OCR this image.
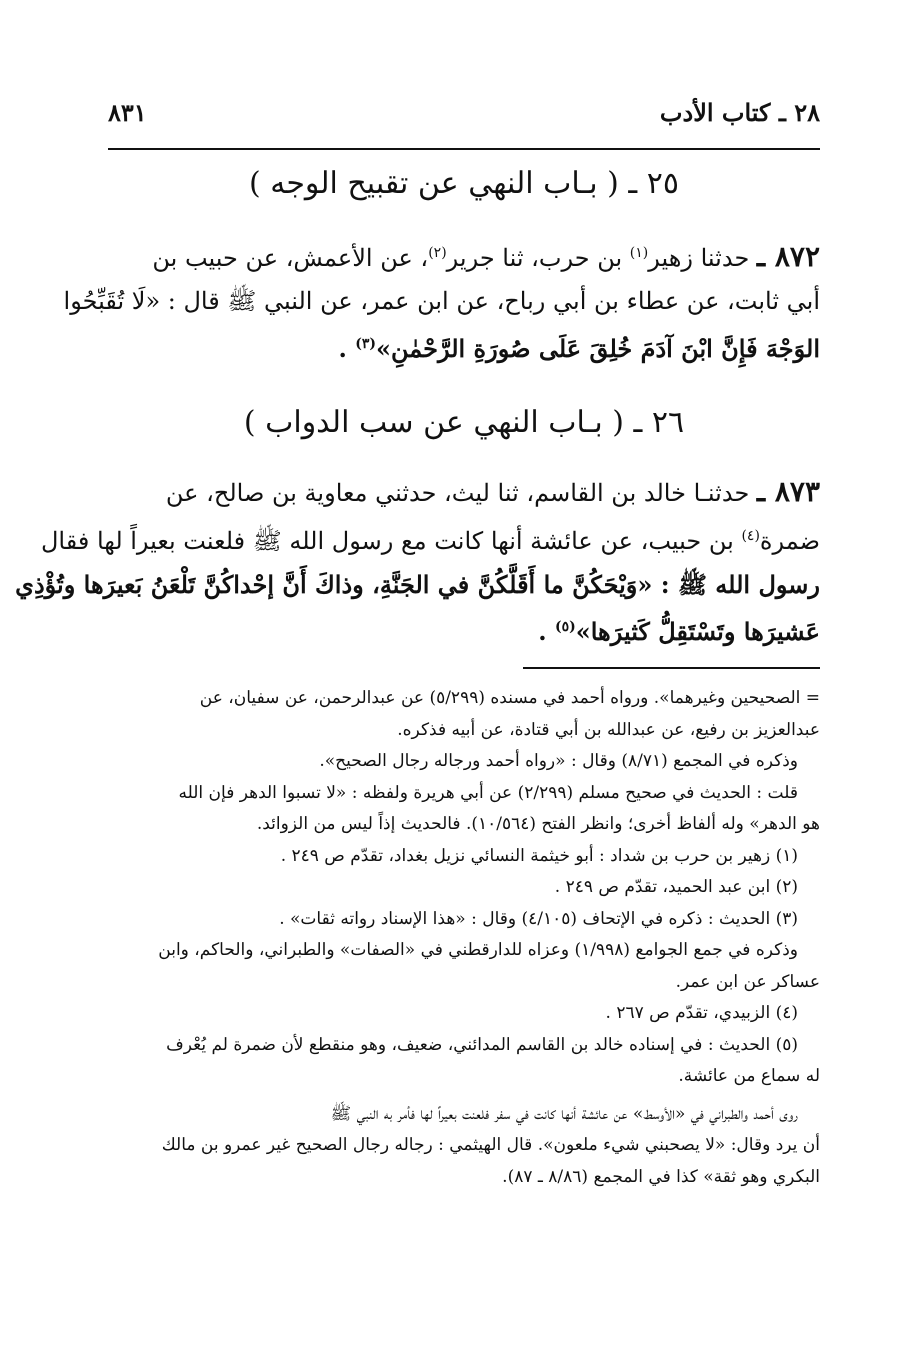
٢٨ ـ كتاب الأدب
٨٣١
٢٥ ـ ( بـاب النهي عن تقبيح الوجه )
٨٧٢ ـ حدثنا زهير$^{(١)}$ بن حرب، ثنا جرير$^{(٢)}$، عن الأعمش، عن حبيب بن
أبي ثابت، عن عطاء بن أبي رباح، عن ابن عمر، عن النبي ﷺ قال : «لَا تُقَبِّحُوا
الوَجْهَ فَإِنَّ ابْنَ آدَمَ خُلِقَ عَلَى صُورَةِ الرَّحْمٰنِ»$^{(٣)}$ .
٢٦ ـ ( بـاب النهي عن سب الدواب )
٨٧٣ ـ حدثنـا خالد بن القاسم، ثنا ليث، حدثني معاوية بن صالح، عن
ضمرة$^{(٤)}$ بن حبيب، عن عائشة أنها كانت مع رسول الله ﷺ فلعنت بعيراً لها فقال
رسول الله ﷺ : «وَيْحَكُنَّ ما أَقَلَّكُنَّ في الجَنَّةِ، وذاكَ أَنَّ إحْداكُنَّ تَلْعَنُ بَعيرَها وتُؤْذِي
عَشيرَها وتَسْتَقِلُّ كَثيرَها»$^{(٥)}$ .
= الصحيحين وغيرهما». ورواه أحمد في مسنده (٥/٢٩٩) عن عبدالرحمن، عن سفيان، عن
عبدالعزيز بن رفيع، عن عبدالله بن أبي قتادة، عن أبيه فذكره.
وذكره في المجمع (٨/٧١) وقال : «رواه أحمد ورجاله رجال الصحيح».
قلت : الحديث في صحيح مسلم (٢/٢٩٩) عن أبي هريرة ولفظه : «لا تسبوا الدهر فإن الله
هو الدهر» وله ألفاظ أخرى؛ وانظر الفتح (١٠/٥٦٤). فالحديث إذاً ليس من الزوائد.
(١) زهير بن حرب بن شداد : أبو خيثمة النسائي نزيل بغداد، تقدّم ص ٢٤٩ .
(٢) ابن عبد الحميد، تقدّم ص ٢٤٩ .
(٣) الحديث : ذكره في الإتحاف (٤/١٠٥) وقال : «هذا الإسناد رواته ثقات» .
وذكره في جمع الجوامع (١/٩٩٨) وعزاه للدارقطني في «الصفات» والطبراني، والحاكم، وابن
عساكر عن ابن عمر.
(٤) الزبيدي، تقدّم ص ٢٦٧ .
(٥) الحديث : في إسناده خالد بن القاسم المدائني، ضعيف، وهو منقطع لأن ضمرة لم يُعْرف
له سماع من عائشة.
روى أحمد والطبراني في «الأوسط» عن عائشة أنها كانت في سفر فلعنت بعيراً لها فأمر به النبي ﷺ
أن يرد وقال: «لا يصحبني شيء ملعون». قال الهيثمي : رجاله رجال الصحيح غير عمرو بن مالك
البكري وهو ثقة» كذا في المجمع (٨/٨٦ ـ ٨٧).
